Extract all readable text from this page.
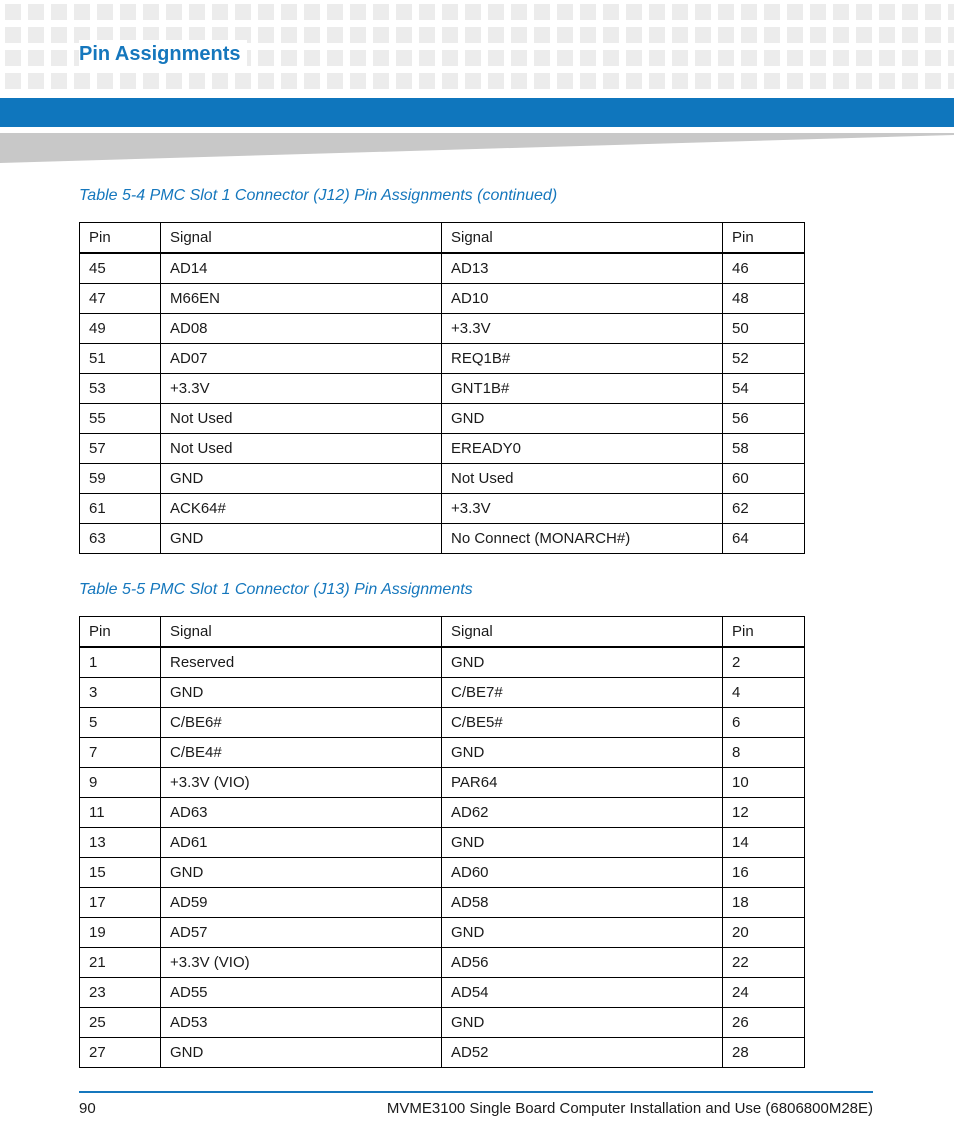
Pin Assignments

Table 5-4 PMC Slot 1 Connector (J12) Pin Assignments (continued)

Pin	Signal	Signal	Pin
45	AD14	AD13	46
47	M66EN	AD10	48
49	AD08	+3.3V	50
51	AD07	REQ1B#	52
53	+3.3V	GNT1B#	54
55	Not Used	GND	56
57	Not Used	EREADY0	58
59	GND	Not Used	60
61	ACK64#	+3.3V	62
63	GND	No Connect (MONARCH#)	64

Table 5-5 PMC Slot 1 Connector (J13) Pin Assignments

Pin	Signal	Signal	Pin
1	Reserved	GND	2
3	GND	C/BE7#	4
5	C/BE6#	C/BE5#	6
7	C/BE4#	GND	8
9	+3.3V (VIO)	PAR64	10
11	AD63	AD62	12
13	AD61	GND	14
15	GND	AD60	16
17	AD59	AD58	18
19	AD57	GND	20
21	+3.3V (VIO)	AD56	22
23	AD55	AD54	24
25	AD53	GND	26
27	GND	AD52	28
90	MVME3100 Single Board Computer Installation and Use (6806800M28E)
